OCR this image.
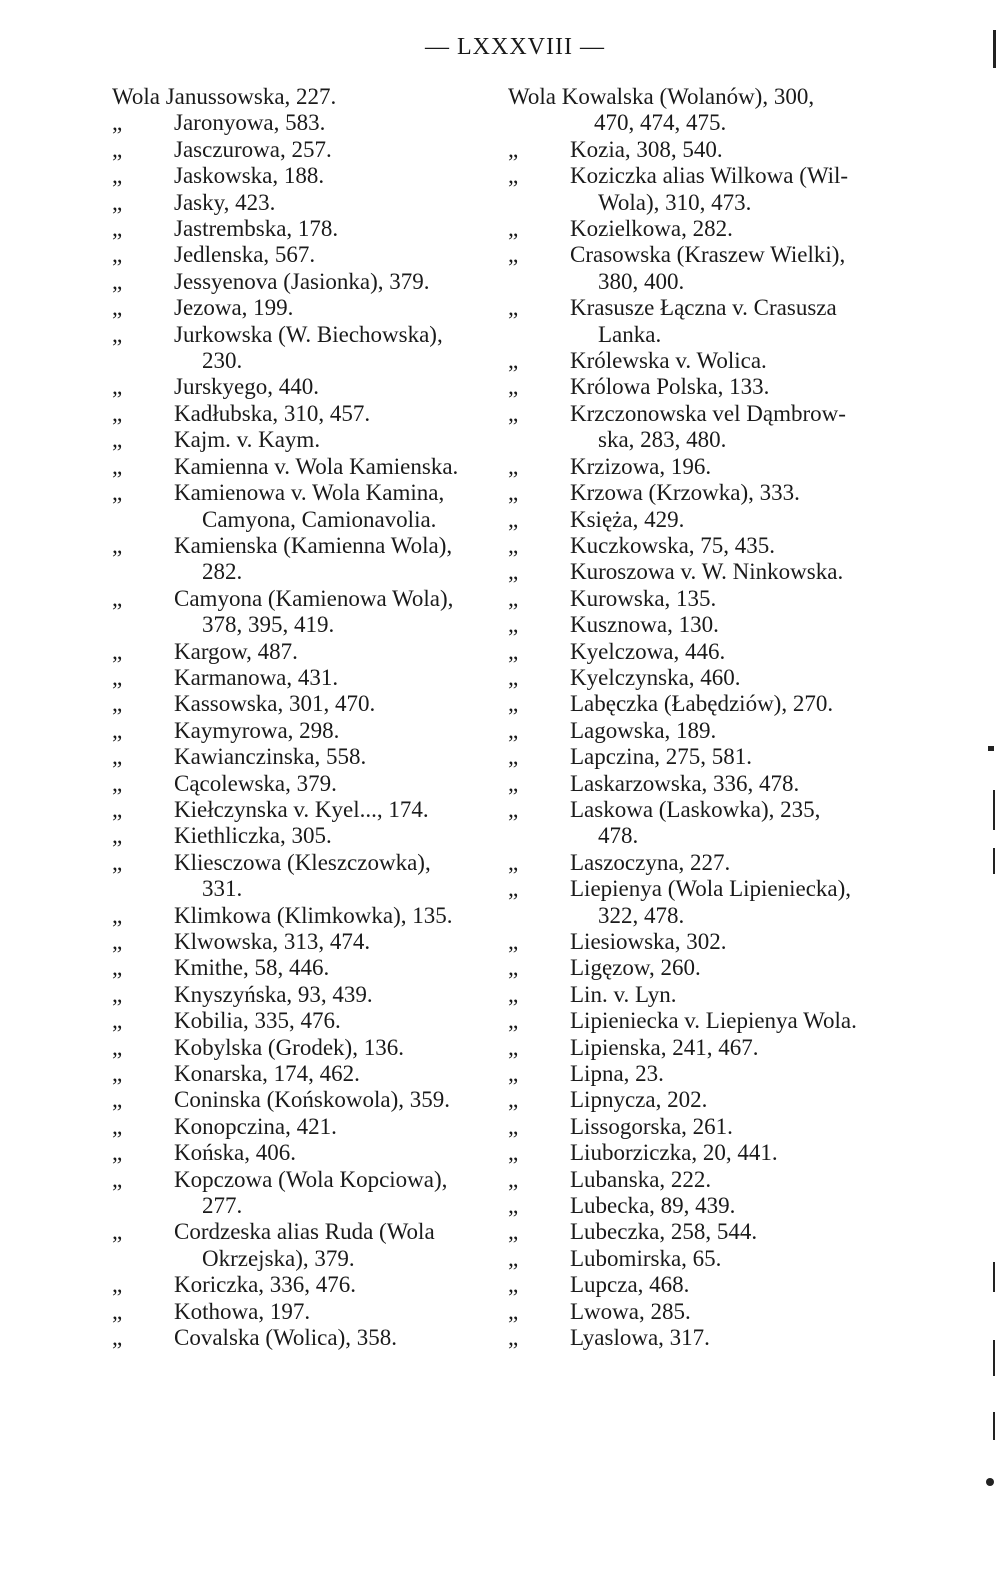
— LXXXVIII —
Wola Janussowska, 227.
„	Jaronyowa, 583.
„	Jasczurowa, 257.
„	Jaskowska, 188.
„	Jasky, 423.
„	Jastrembska, 178.
„	Jedlenska, 567.
„	Jessyenova (Jasionka), 379.
„	Jezowa, 199.
„	Jurkowska (W. Biechowska),
230.
„	Jurskyego, 440.
„	Kadłubska, 310, 457.
„	Kajm. v. Kaym.
„	Kamienna v. Wola Kamienska.
„	Kamienowa v. Wola Kamina,
Camyona, Camionavolia.
„	Kamienska (Kamienna Wola),
282.
„	Camyona (Kamienowa Wola),
378, 395, 419.
„	Kargow, 487.
„	Karmanowa, 431.
„	Kassowska, 301, 470.
„	Kaymyrowa, 298.
„	Kawianczinska, 558.
„	Cącolewska, 379.
„	Kiełczynska v. Kyel..., 174.
„	Kiethliczka, 305.
„	Kliesczowa (Kleszczowka),
331.
„	Klimkowa (Klimkowka), 135.
„	Klwowska, 313, 474.
„	Kmithe, 58, 446.
„	Knyszyńska, 93, 439.
„	Kobilia, 335, 476.
„	Kobylska (Grodek), 136.
„	Konarska, 174, 462.
„	Coninska (Końskowola), 359.
„	Konopczina, 421.
„	Końska, 406.
„	Kopczowa (Wola Kopciowa),
277.
„	Cordzeska alias Ruda (Wola
Okrzejska), 379.
„	Koriczka, 336, 476.
„	Kothowa, 197.
„	Covalska (Wolica), 358.
Wola Kowalska (Wolanów), 300,
470, 474, 475.
„	Kozia, 308, 540.
„	Koziczka alias Wilkowa (Wil-
Wola), 310, 473.
„	Kozielkowa, 282.
„	Crasowska (Kraszew Wielki),
380, 400.
„	Krasusze Łączna v. Crasusza
Lanka.
„	Królewska v. Wolica.
„	Królowa Polska, 133.
„	Krzczonowska vel Dąmbrow-
ska, 283, 480.
„	Krzizowa, 196.
„	Krzowa (Krzowka), 333.
„	Księża, 429.
„	Kuczkowska, 75, 435.
„	Kuroszowa v. W. Ninkowska.
„	Kurowska, 135.
„	Kusznowa, 130.
„	Kyelczowa, 446.
„	Kyelczynska, 460.
„	Labęczka (Łabędziów), 270.
„	Lagowska, 189.
„	Lapczina, 275, 581.
„	Laskarzowska, 336, 478.
„	Laskowa (Laskowka), 235,
478.
„	Laszoczyna, 227.
„	Liepienya (Wola Lipieniecka),
322, 478.
„	Liesiowska, 302.
„	Ligęzow, 260.
„	Lin. v. Lyn.
„	Lipieniecka v. Liepienya Wola.
„	Lipienska, 241, 467.
„	Lipna, 23.
„	Lipnycza, 202.
„	Lissogorska, 261.
„	Liuborziczka, 20, 441.
„	Lubanska, 222.
„	Lubecka, 89, 439.
„	Lubeczka, 258, 544.
„	Lubomirska, 65.
„	Lupcza, 468.
„	Lwowa, 285.
„	Lyaslowa, 317.
